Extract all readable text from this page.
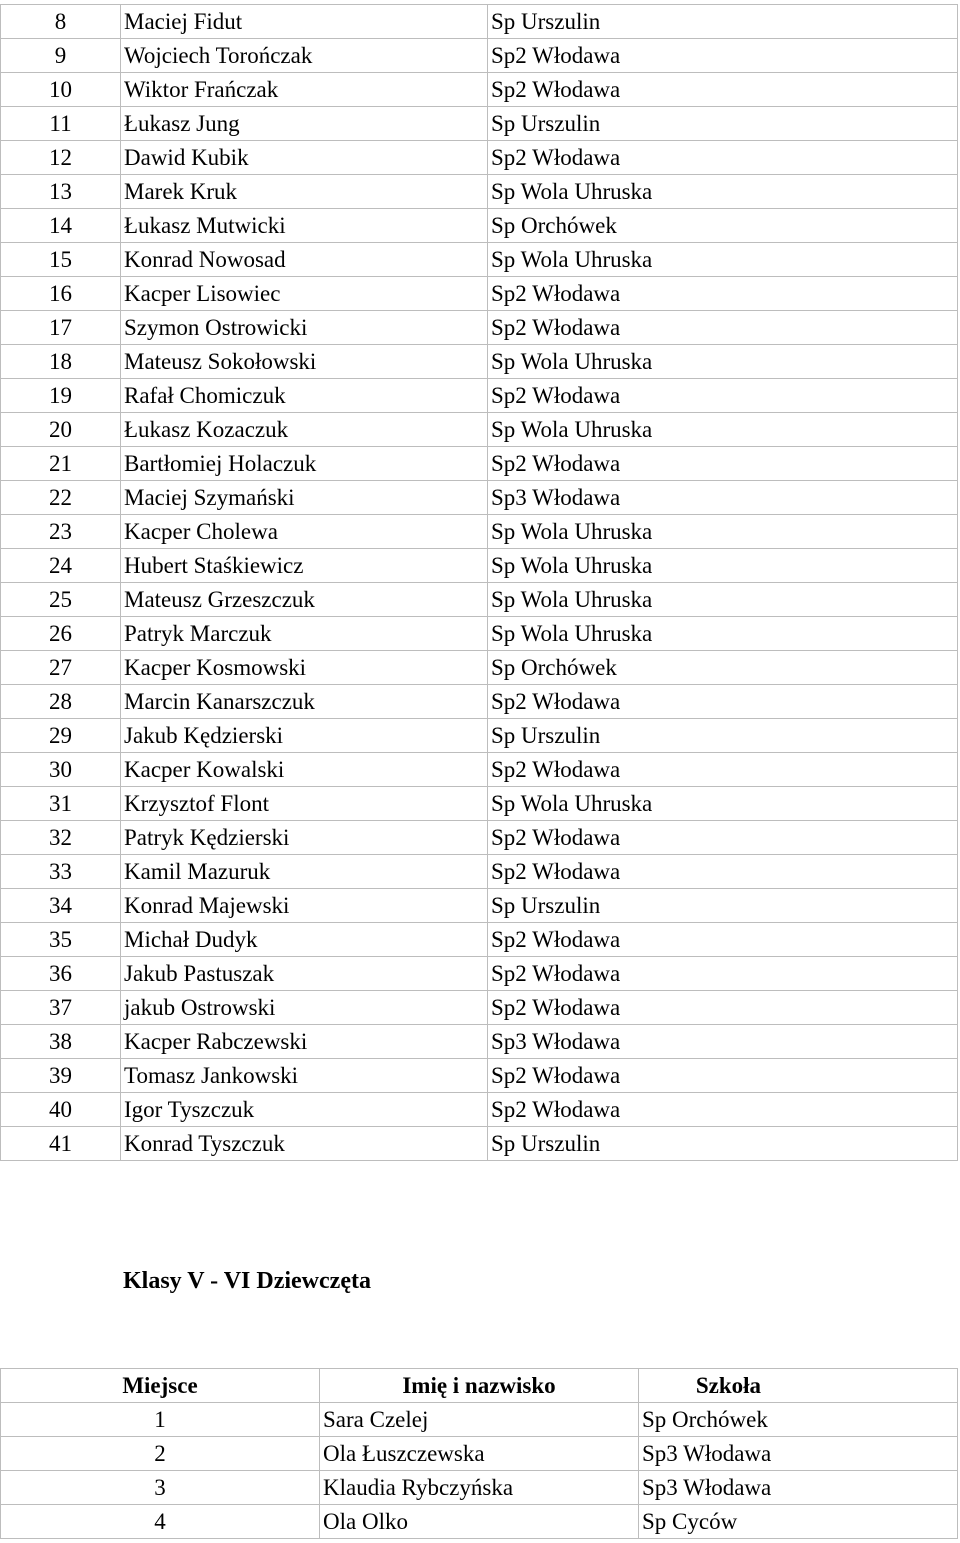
8	Maciej Fidut	Sp Urszulin
9	Wojciech Torończak	Sp2 Włodawa
10	Wiktor Frańczak	Sp2 Włodawa
11	Łukasz Jung	Sp Urszulin
12	Dawid Kubik	Sp2 Włodawa
13	Marek Kruk	Sp Wola Uhruska
14	Łukasz Mutwicki	Sp Orchówek
15	Konrad Nowosad	Sp Wola Uhruska
16	Kacper Lisowiec	Sp2 Włodawa
17	Szymon Ostrowicki	Sp2 Włodawa
18	Mateusz Sokołowski	Sp Wola Uhruska
19	Rafał Chomiczuk	Sp2 Włodawa
20	Łukasz Kozaczuk	Sp Wola Uhruska
21	Bartłomiej Holaczuk	Sp2 Włodawa
22	Maciej Szymański	Sp3 Włodawa
23	Kacper Cholewa	Sp Wola Uhruska
24	Hubert Staśkiewicz	Sp Wola Uhruska
25	Mateusz Grzeszczuk	Sp Wola Uhruska
26	Patryk Marczuk	Sp Wola Uhruska
27	Kacper Kosmowski	Sp Orchówek
28	Marcin Kanarszczuk	Sp2 Włodawa
29	Jakub Kędzierski	Sp Urszulin
30	Kacper Kowalski	Sp2 Włodawa
31	Krzysztof Flont	Sp Wola Uhruska
32	Patryk Kędzierski	Sp2 Włodawa
33	Kamil Mazuruk	Sp2 Włodawa
34	Konrad Majewski	Sp Urszulin
35	Michał Dudyk	Sp2 Włodawa
36	Jakub Pastuszak	Sp2 Włodawa
37	jakub Ostrowski	Sp2 Włodawa
38	Kacper Rabczewski	Sp3 Włodawa
39	Tomasz Jankowski	Sp2 Włodawa
40	Igor Tyszczuk	Sp2 Włodawa
41	Konrad Tyszczuk	Sp Urszulin
Klasy V - VI Dziewczęta
Miejsce	Imię i nazwisko	Szkoła
1	Sara Czelej	Sp Orchówek
2	Ola Łuszczewska	Sp3 Włodawa
3	Klaudia Rybczyńska	Sp3 Włodawa
4	Ola Olko	Sp Cyców
